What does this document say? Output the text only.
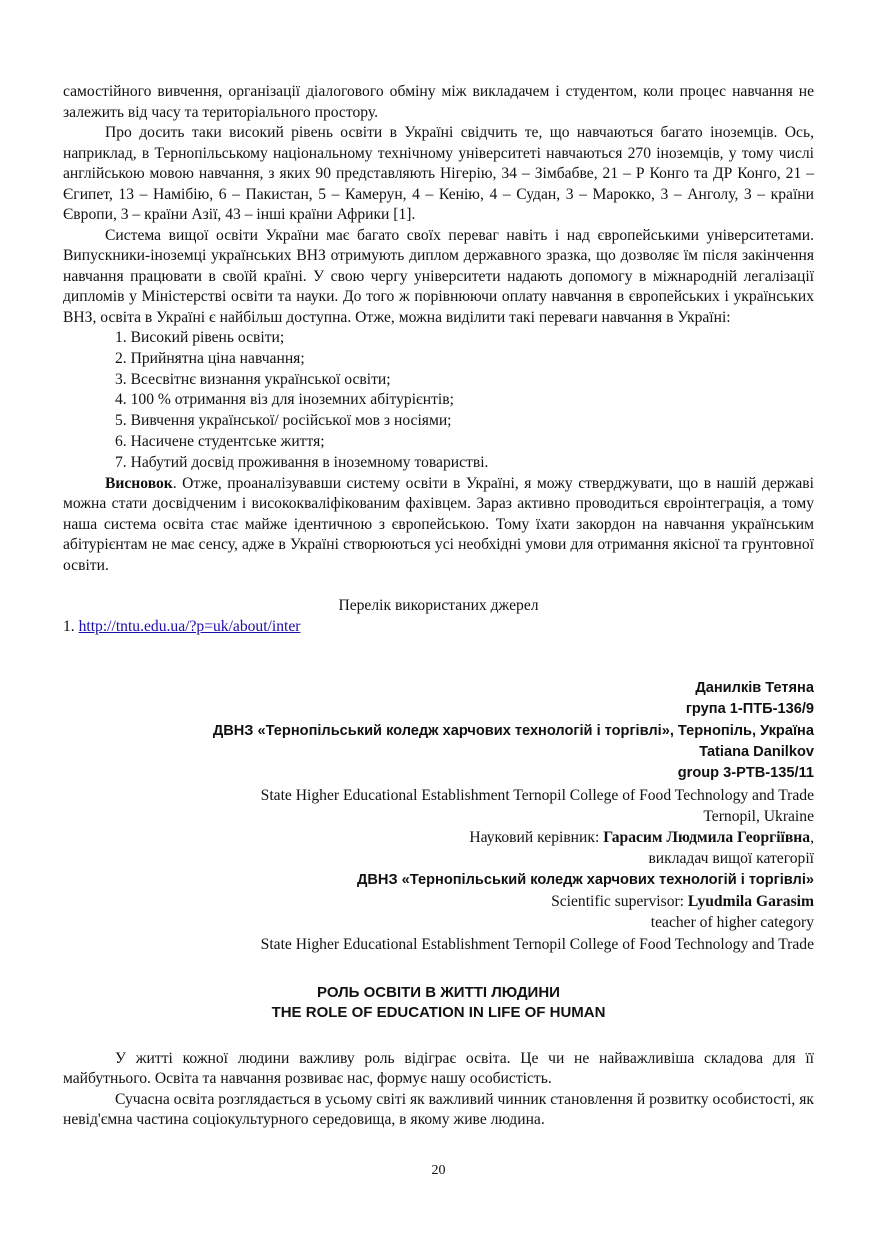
самостійного вивчення, організації діалогового обміну між викладачем і студентом, коли процес навчання не залежить від часу та територіального простору.

Про досить таки високий рівень освіти в Україні свідчить те, що навчаються багато іноземців. Ось, наприклад, в Тернопільському національному технічному університеті навчаються 270 іноземців, у тому числі англійською мовою навчання, з яких 90 представляють Нігерію, 34 – Зімбабве, 21 – Р Конго та ДР Конго, 21 – Єгипет, 13 – Намібію, 6 – Пакистан, 5 – Камерун, 4 – Кенію, 4 – Судан, 3 – Марокко, 3 – Анголу, 3 – країни Європи, 3 – країни Азії, 43 – інші країни Африки [1].

Система вищої освіти України має багато своїх переваг навіть і над європейськими університетами. Випускники-іноземці українських ВНЗ отримують диплом державного зразка, що дозволяє їм після закінчення навчання працювати в своїй країні. У свою чергу університети надають допомогу в міжнародній легалізації дипломів у Міністерстві освіти та науки. До того ж порівнюючи оплату навчання в європейських і українських ВНЗ, освіта в Україні є найбільш доступна. Отже, можна виділити такі переваги навчання в Україні:

1. Високий рівень освіти;
2. Прийнятна ціна навчання;
3. Всесвітнє визнання української освіти;
4. 100 % отримання віз для іноземних абітурієнтів;
5. Вивчення української/ російської мов з носіями;
6. Насичене студентське життя;
7. Набутий досвід проживання в іноземному товаристві.

Висновок. Отже, проаналізувавши систему освіти в Україні, я можу стверджувати, що в нашій державі можна стати досвідченим і висококваліфікованим фахівцем. Зараз активно проводиться євроінтеграція, а тому наша система освіта стає майже ідентичною з європейською. Тому їхати закордон на навчання українським абітурієнтам не має сенсу, адже в Україні створюються усі необхідні умови для отримання якісної та грунтовної освіти.

Перелік використаних джерел
1. http://tntu.edu.ua/?p=uk/about/inter
Данилків Тетяна
група 1-ПТБ-136/9
ДВНЗ «Тернопільський коледж харчових технологій і торгівлі», Тернопіль, Україна
Tatiana Danilkov
group 3-PTB-135/11
State Higher Educational Establishment Ternopil College of Food Technology and Trade
Ternopil, Ukraine
Науковий керівник: Гарасим Людмила Георгіївна,
викладач вищої категорії
ДВНЗ «Тернопільський коледж харчових технологій і торгівлі»
Scientific supervisor: Lyudmila Garasim
teacher of higher category
State Higher Educational Establishment Ternopil College of Food Technology and Trade
РОЛЬ ОСВІТИ В ЖИТТІ ЛЮДИНИ
THE ROLE OF EDUCATION IN LIFE OF HUMAN

У житті кожної людини важливу роль відіграє освіта. Це чи не найважливіша складова для її майбутнього. Освіта та навчання розвиває нас, формує нашу особистість.

Сучасна освіта розглядається в усьому світі як важливий чинник становлення й розвитку особистості, як невід'ємна частина соціокультурного середовища, в якому живе людина.

20
